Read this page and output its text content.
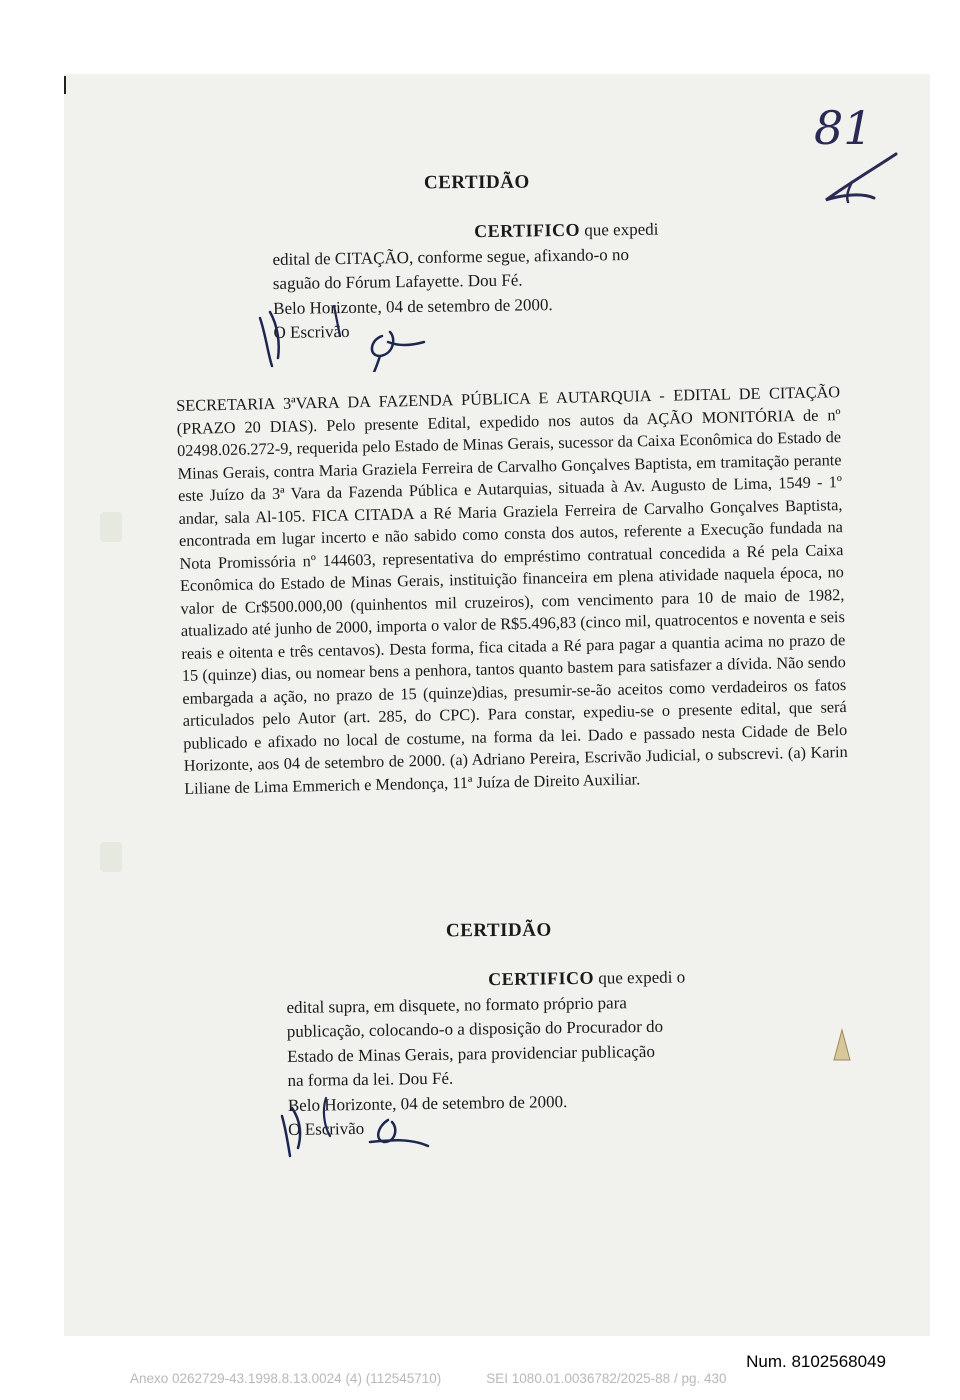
81
CERTIDÃO
CERTIFICO que expedi
edital de CITAÇÃO, conforme segue, afixando-o no
saguão do Fórum Lafayette. Dou Fé.
Belo Horizonte, 04 de setembro de 2000.
O Escrivão
SECRETARIA 3ªVARA DA FAZENDA PÚBLICA E AUTARQUIA - EDITAL DE CITAÇÃO (PRAZO 20 DIAS). Pelo presente Edital, expedido nos autos da AÇÃO MONITÓRIA de nº 02498.026.272-9, requerida pelo Estado de Minas Gerais, sucessor da Caixa Econômica do Estado de Minas Gerais, contra Maria Graziela Ferreira de Carvalho Gonçalves Baptista, em tramitação perante este Juízo da 3ª Vara da Fazenda Pública e Autarquias, situada à Av. Augusto de Lima, 1549 - 1º andar, sala Al-105. FICA CITADA a Ré Maria Graziela Ferreira de Carvalho Gonçalves Baptista, encontrada em lugar incerto e não sabido como consta dos autos, referente a Execução fundada na Nota Promissória nº 144603, representativa do empréstimo contratual concedida a Ré pela Caixa Econômica do Estado de Minas Gerais, instituição financeira em plena atividade naquela época, no valor de Cr$500.000,00 (quinhentos mil cruzeiros), com vencimento para 10 de maio de 1982, atualizado até junho de 2000, importa o valor de R$5.496,83 (cinco mil, quatrocentos e noventa e seis reais e oitenta e três centavos). Desta forma, fica citada a Ré para pagar a quantia acima no prazo de 15 (quinze) dias, ou nomear bens a penhora, tantos quanto bastem para satisfazer a dívida. Não sendo embargada a ação, no prazo de 15 (quinze)dias, presumir-se-ão aceitos como verdadeiros os fatos articulados pelo Autor (art. 285, do CPC). Para constar, expediu-se o presente edital, que será publicado e afixado no local de costume, na forma da lei. Dado e passado nesta Cidade de Belo Horizonte, aos 04 de setembro de 2000. (a) Adriano Pereira, Escrivão Judicial, o subscrevi. (a) Karin Liliane de Lima Emmerich e Mendonça, 11ª Juíza de Direito Auxiliar.
CERTIDÃO
CERTIFICO que expedi o
edital supra, em disquete, no formato próprio para
publicação, colocando-o a disposição do Procurador do
Estado de Minas Gerais, para providenciar publicação
na forma da lei. Dou Fé.
Belo Horizonte, 04 de setembro de 2000.
O Escrivão
Num. 8102568049
Anexo 0262729-43.1998.8.13.0024 (4) (112545710)	SEI 1080.01.0036782/2025-88 / pg. 430
